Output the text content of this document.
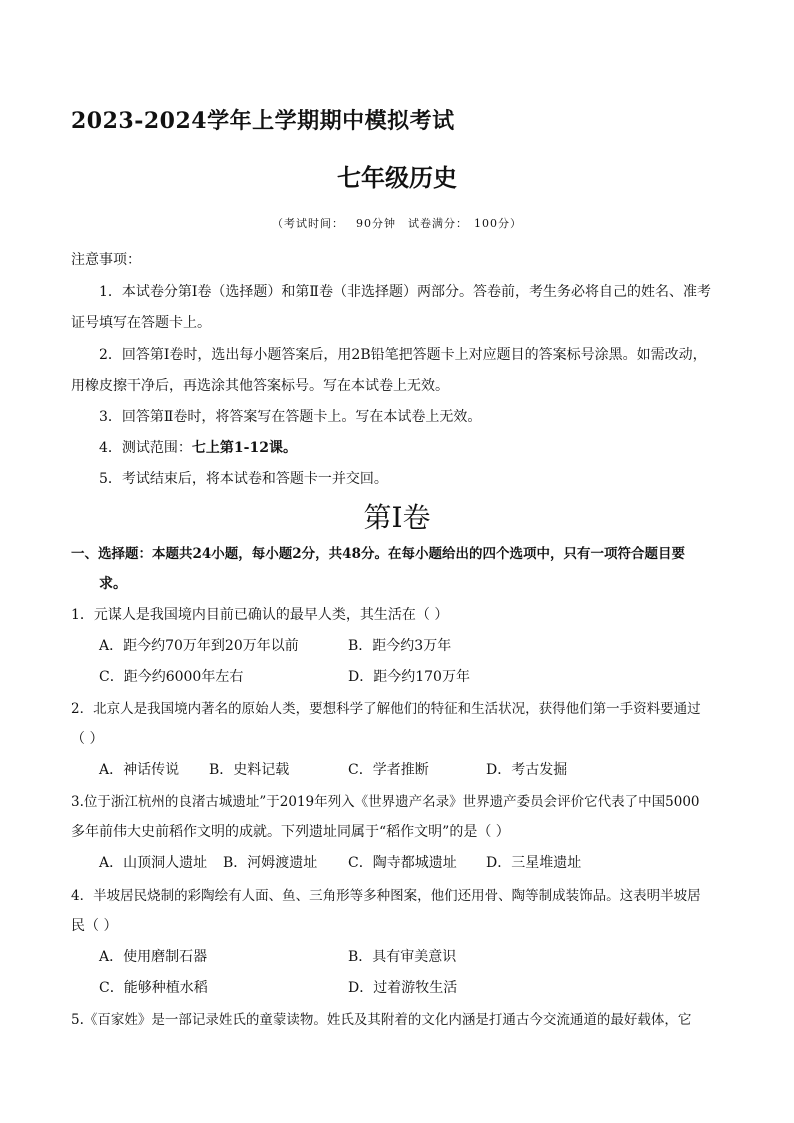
2023-2024学年上学期期中模拟考试
七年级历史
（考试时间： 90分钟 试卷满分： 100分）
注意事项：
1．本试卷分第Ⅰ卷（选择题）和第Ⅱ卷（非选择题）两部分。答卷前，考生务必将自己的姓名、准考
证号填写在答题卡上。
2．回答第Ⅰ卷时，选出每小题答案后，用2B铅笔把答题卡上对应题目的答案标号涂黑。如需改动，
用橡皮擦干净后，再选涂其他答案标号。写在本试卷上无效。
3．回答第Ⅱ卷时，将答案写在答题卡上。写在本试卷上无效。
4．测试范围：七上第1-12课。
5．考试结束后，将本试卷和答题卡一并交回。
第Ⅰ卷
一、选择题：本题共24小题，每小题2分，共48分。在每小题给出的四个选项中，只有一项符合题目要
求。
1．元谋人是我国境内目前已确认的最早人类，其生活在（ ）
A．距今约70万年到20万年以前	B．距今约3万年
C．距今约6000年左右	D．距今约170万年
2．北京人是我国境内著名的原始人类，要想科学了解他们的特征和生活状况，获得他们第一手资料要通过
（ ）
A．神话传说 B．史料记载	C．学者推断	D．考古发掘
3.位于浙江杭州的良渚古城遗址”于2019年列入《世界遗产名录》世界遗产委员会评价它代表了中国5000
多年前伟大史前稻作文明的成就。下列遗址同属于“稻作文明”的是（ ）
A．山顶洞人遗址 B．河姆渡遗址 C．陶寺都城遗址 D．三星堆遗址
4．半坡居民烧制的彩陶绘有人面、鱼、三角形等多种图案，他们还用骨、陶等制成装饰品。这表明半坡居
民（ ）
A．使用磨制石器	B．具有审美意识
C．能够种植水稻	D．过着游牧生活
5.《百家姓》是一部记录姓氏的童蒙读物。姓氏及其附着的文化内涵是打通古今交流通道的最好载体，它
